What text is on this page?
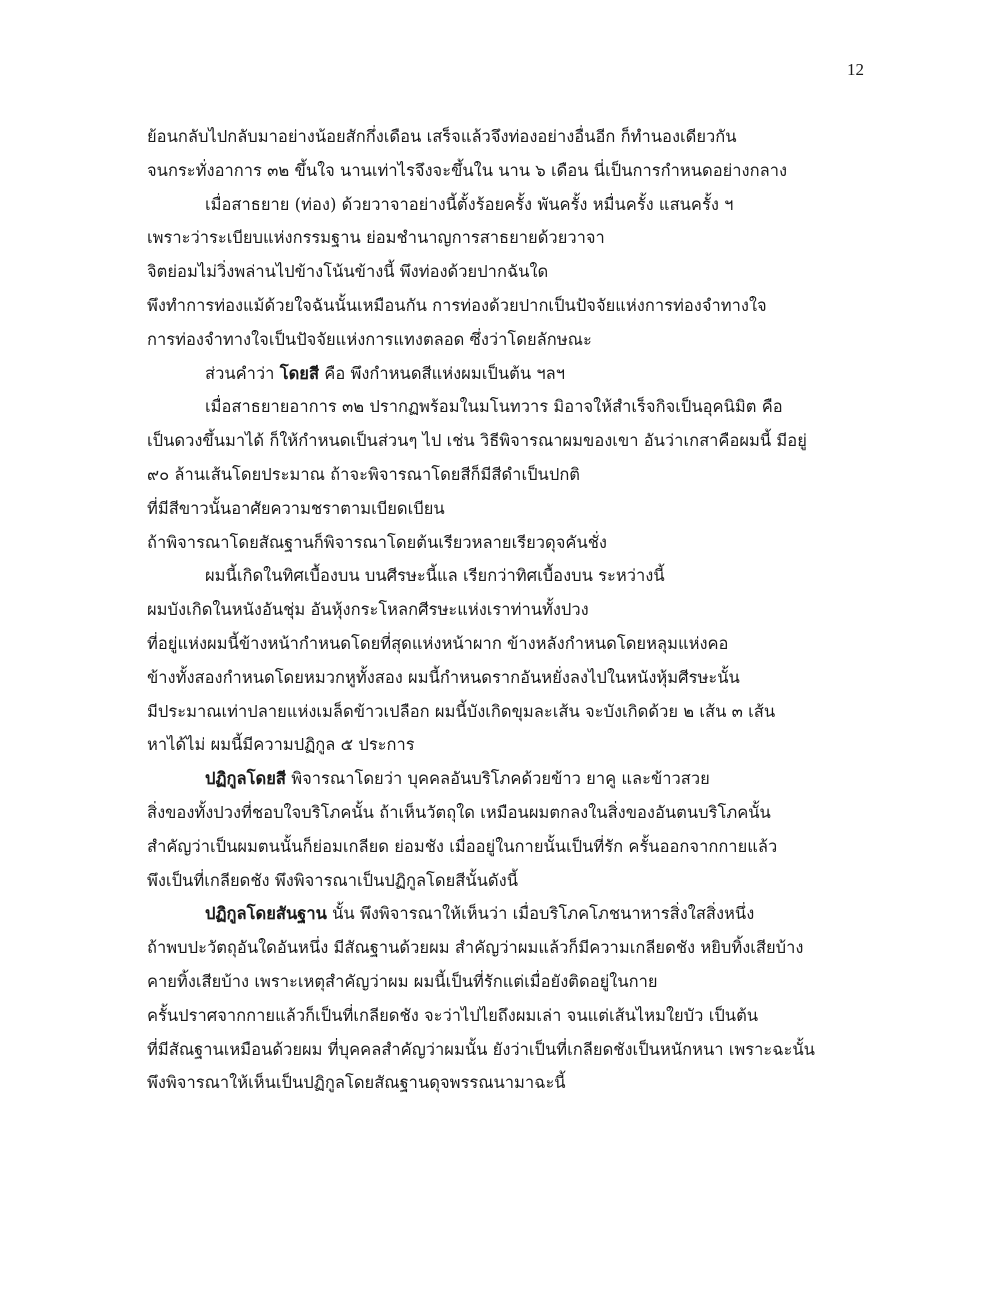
12
ย้อนกลับไปกลับมาอย่างน้อยสักกึ่งเดือน เสร็จแล้วจึงท่องอย่างอื่นอีก ก็ทำนองเดียวกัน
จนกระทั่งอาการ ๓๒ ขึ้นใจ นานเท่าไรจึงจะขึ้นใน นาน ๖ เดือน นี่เป็นการกำหนดอย่างกลาง
เมื่อสาธยาย (ท่อง) ด้วยวาจาอย่างนี้ตั้งร้อยครั้ง พันครั้ง หมื่นครั้ง แสนครั้ง ฯ
เพราะว่าระเบียบแห่งกรรมฐาน ย่อมชำนาญการสาธยายด้วยวาจา
จิตย่อมไม่วิ่งพล่านไปข้างโน้นข้างนี้ พึงท่องด้วยปากฉันใด
พึงทำการท่องแม้ด้วยใจฉันนั้นเหมือนกัน การท่องด้วยปากเป็นปัจจัยแห่งการท่องจำทางใจ
การท่องจำทางใจเป็นปัจจัยแห่งการแทงตลอด ซึ่งว่าโดยลักษณะ
ส่วนคำว่า โดยสี คือ พึงกำหนดสีแห่งผมเป็นต้น ฯลฯ
เมื่อสาธยายอาการ ๓๒ ปรากฏพร้อมในมโนทวาร มิอาจให้สำเร็จกิจเป็นอุคนิมิต คือ
เป็นดวงขึ้นมาได้ ก็ให้กำหนดเป็นส่วนๆ ไป เช่น วิธีพิจารณาผมของเขา อันว่าเกสาคือผมนี้ มีอยู่
๙๐ ล้านเส้นโดยประมาณ ถ้าจะพิจารณาโดยสีก็มีสีดำเป็นปกติ
ที่มีสีขาวนั้นอาศัยความชราตามเบียดเบียน
ถ้าพิจารณาโดยสัณฐานก็พิจารณาโดยต้นเรียวหลายเรียวดุจคันชั่ง
ผมนี้เกิดในทิศเบื้องบน บนศีรษะนี้แล เรียกว่าทิศเบื้องบน ระหว่างนี้
ผมบังเกิดในหนังอันชุ่ม อันหุ้งกระโหลกศีรษะแห่งเราท่านทั้งปวง
ที่อยู่แห่งผมนี้ข้างหน้ากำหนดโดยที่สุดแห่งหน้าผาก ข้างหลังกำหนดโดยหลุมแห่งคอ
ข้างทั้งสองกำหนดโดยหมวกหูทั้งสอง ผมนี้กำหนดรากอันหยั่งลงไปในหนังหุ้มศีรษะนั้น
มีประมาณเท่าปลายแห่งเมล็ดข้าวเปลือก ผมนี้บังเกิดขุมละเส้น จะบังเกิดด้วย ๒ เส้น ๓ เส้น
หาได้ไม่ ผมนี้มีความปฏิกูล ๕ ประการ
ปฏิกูลโดยสี พิจารณาโดยว่า บุคคลอันบริโภคด้วยข้าว ยาคู และข้าวสวย
สิ่งของทั้งปวงที่ชอบใจบริโภคนั้น ถ้าเห็นวัตถุใด เหมือนผมตกลงในสิ่งของอันตนบริโภคนั้น
สำคัญว่าเป็นผมตนนั้นก็ย่อมเกลียด ย่อมชัง เมื่ออยู่ในกายนั้นเป็นที่รัก ครั้นออกจากกายแล้ว
พึงเป็นที่เกลียดชัง พึงพิจารณาเป็นปฏิกูลโดยสีนั้นดังนี้
ปฏิกูลโดยสันฐาน นั้น พึงพิจารณาให้เห็นว่า เมื่อบริโภคโภชนาหารสิ่งใสสิ่งหนึ่ง
ถ้าพบปะวัตถุอันใดอันหนึ่ง มีสัณฐานด้วยผม สำคัญว่าผมแล้วก็มีความเกลียดชัง หยิบทิ้งเสียบ้าง
คายทิ้งเสียบ้าง เพราะเหตุสำคัญว่าผม ผมนี้เป็นที่รักแต่เมื่อยังติดอยู่ในกาย
ครั้นปราศจากกายแล้วก็เป็นที่เกลียดชัง จะว่าไปไยถึงผมเล่า จนแต่เส้นไหมใยบัว เป็นต้น
ที่มีสัณฐานเหมือนด้วยผม ที่บุคคลสำคัญว่าผมนั้น ยังว่าเป็นที่เกลียดชังเป็นหนักหนา เพราะฉะนั้น
พึงพิจารณาให้เห็นเป็นปฏิกูลโดยสัณฐานดุจพรรณนามาฉะนี้
